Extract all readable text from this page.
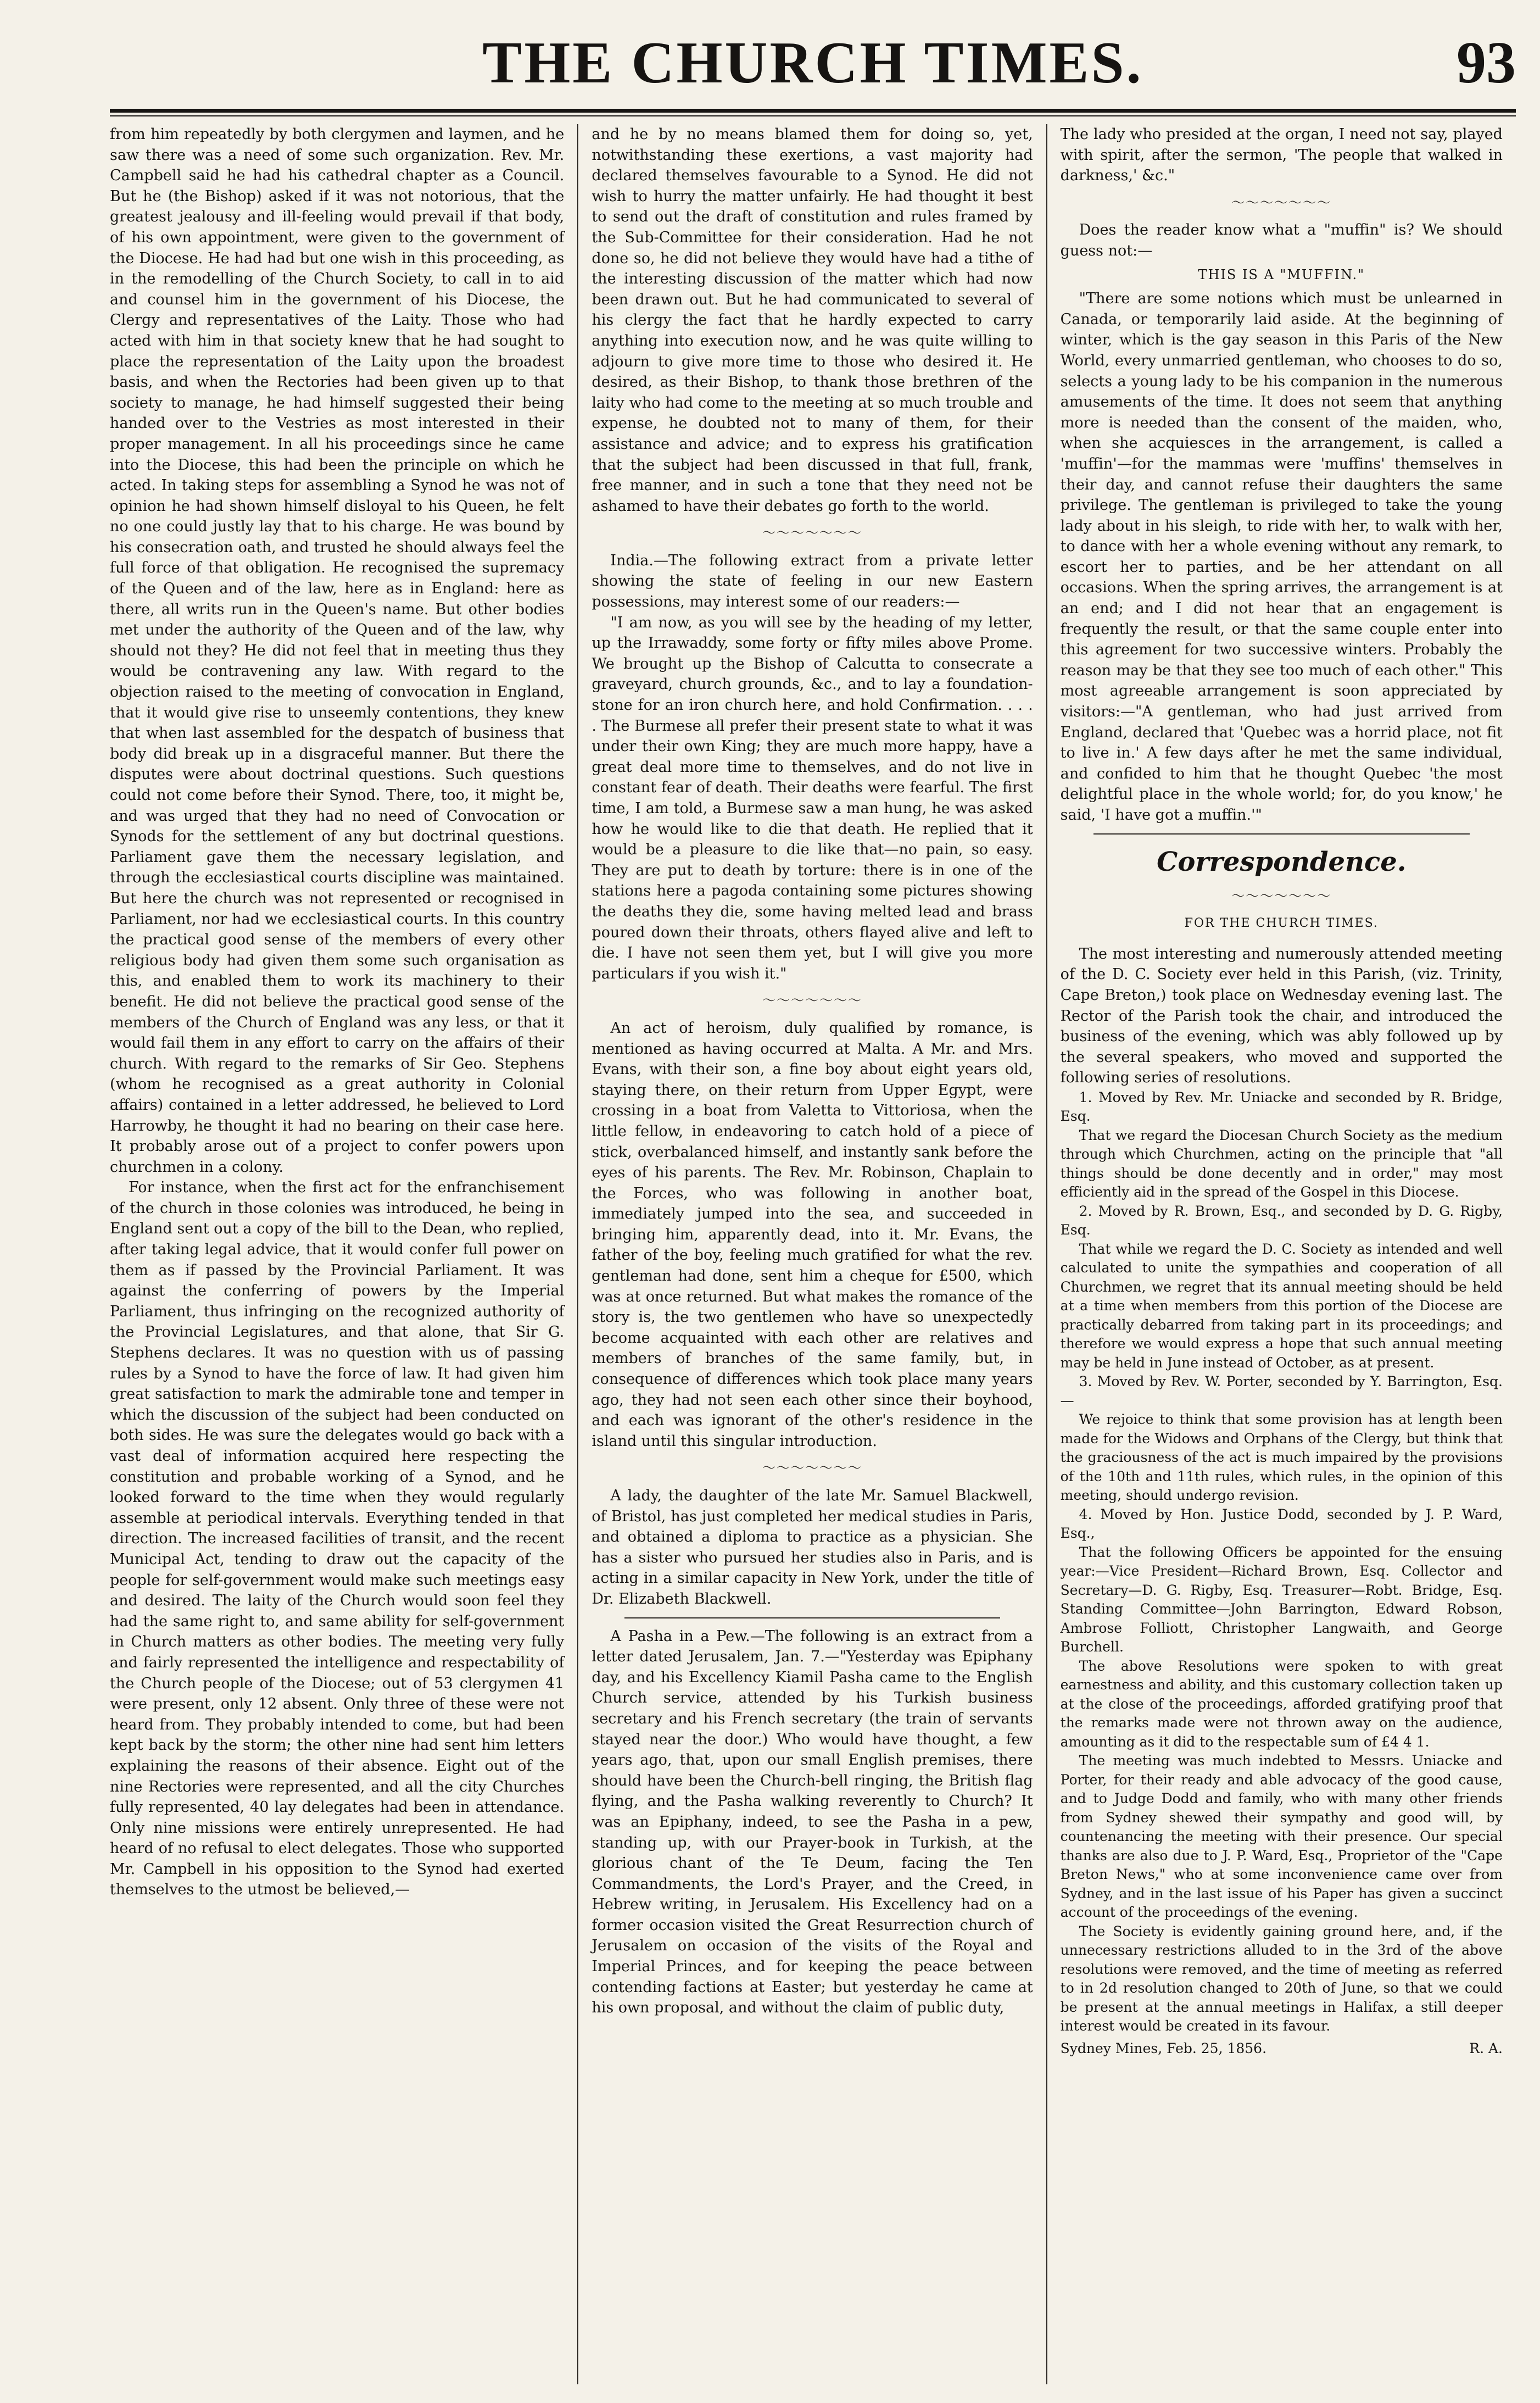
THE CHURCH TIMES.	93

from him repeatedly by both clergymen and laymen, and he saw there was a need of some such organization. Rev. Mr. Campbell said he had his cathedral chapter as a Council. But he (the Bishop) asked if it was not notorious, that the greatest jealousy and ill-feeling would prevail if that body, of his own appointment, were given to the government of the Diocese. He had had but one wish in this proceeding, as in the remodelling of the Church Society, to call in to aid and counsel him in the government of his Diocese, the Clergy and representatives of the Laity. Those who had acted with him in that society knew that he had sought to place the representation of the Laity upon the broadest basis, and when the Rectories had been given up to that society to manage, he had himself suggested their being handed over to the Vestries as most interested in their proper management. In all his proceedings since he came into the Diocese, this had been the principle on which he acted. In taking steps for assembling a Synod he was not of opinion he had shown himself disloyal to his Queen, he felt no one could justly lay that to his charge. He was bound by his consecration oath, and trusted he should always feel the full force of that obligation. He recognised the supremacy of the Queen and of the law, here as in England: here as there, all writs run in the Queen's name. But other bodies met under the authority of the Queen and of the law, why should not they? He did not feel that in meeting thus they would be contravening any law. With regard to the objection raised to the meeting of convocation in England, that it would give rise to unseemly contentions, they knew that when last assembled for the despatch of business that body did break up in a disgraceful manner. But there the disputes were about doctrinal questions. Such questions could not come before their Synod. There, too, it might be, and was urged that they had no need of Convocation or Synods for the settlement of any but doctrinal questions. Parliament gave them the necessary legislation, and through the ecclesiastical courts discipline was maintained. But here the church was not represented or recognised in Parliament, nor had we ecclesiastical courts. In this country the practical good sense of the members of every other religious body had given them some such organisation as this, and enabled them to work its machinery to their benefit. He did not believe the practical good sense of the members of the Church of England was any less, or that it would fail them in any effort to carry on the affairs of their church. With regard to the remarks of Sir Geo. Stephens (whom he recognised as a great authority in Colonial affairs) contained in a letter addressed, he believed to Lord Harrowby, he thought it had no bearing on their case here. It probably arose out of a project to confer powers upon churchmen in a colony.

For instance, when the first act for the enfranchisement of the church in those colonies was introduced, he being in England sent out a copy of the bill to the Dean, who replied, after taking legal advice, that it would confer full power on them as if passed by the Provincial Parliament. It was against the conferring of powers by the Imperial Parliament, thus infringing on the recognized authority of the Provincial Legislatures, and that alone, that Sir G. Stephens declares. It was no question with us of passing rules by a Synod to have the force of law. It had given him great satisfaction to mark the admirable tone and temper in which the discussion of the subject had been conducted on both sides. He was sure the delegates would go back with a vast deal of information acquired here respecting the constitution and probable working of a Synod, and he looked forward to the time when they would regularly assemble at periodical intervals. Everything tended in that direction. The increased facilities of transit, and the recent Municipal Act, tending to draw out the capacity of the people for self-government would make such meetings easy and desired. The laity of the Church would soon feel they had the same right to, and same ability for self-government in Church matters as other bodies. The meeting very fully and fairly represented the intelligence and respectability of the Church people of the Diocese; out of 53 clergymen 41 were present, only 12 absent. Only three of these were not heard from. They probably intended to come, but had been kept back by the storm; the other nine had sent him letters explaining the reasons of their absence. Eight out of the nine Rectories were represented, and all the city Churches fully represented, 40 lay delegates had been in attendance. Only nine missions were entirely unrepresented. He had heard of no refusal to elect delegates. Those who supported Mr. Campbell in his opposition to the Synod had exerted themselves to the utmost be believed,—

and he by no means blamed them for doing so, yet, notwithstanding these exertions, a vast majority had declared themselves favourable to a Synod. He did not wish to hurry the matter unfairly. He had thought it best to send out the draft of constitution and rules framed by the Sub-Committee for their consideration. Had he not done so, he did not believe they would have had a tithe of the interesting discussion of the matter which had now been drawn out. But he had communicated to several of his clergy the fact that he hardly expected to carry anything into execution now, and he was quite willing to adjourn to give more time to those who desired it. He desired, as their Bishop, to thank those brethren of the laity who had come to the meeting at so much trouble and expense, he doubted not to many of them, for their assistance and advice; and to express his gratification that the subject had been discussed in that full, frank, free manner, and in such a tone that they need not be ashamed to have their debates go forth to the world.

〜〜〜〜〜〜〜

India.—The following extract from a private letter showing the state of feeling in our new Eastern possessions, may interest some of our readers:—

"I am now, as you will see by the heading of my letter, up the Irrawaddy, some forty or fifty miles above Prome. We brought up the Bishop of Calcutta to consecrate a graveyard, church grounds, &c., and to lay a foundation-stone for an iron church here, and hold Confirmation. . . . . The Burmese all prefer their present state to what it was under their own King; they are much more happy, have a great deal more time to themselves, and do not live in constant fear of death. Their deaths were fearful. The first time, I am told, a Burmese saw a man hung, he was asked how he would like to die that death. He replied that it would be a pleasure to die like that—no pain, so easy. They are put to death by torture: there is in one of the stations here a pagoda containing some pictures showing the deaths they die, some having melted lead and brass poured down their throats, others flayed alive and left to die. I have not seen them yet, but I will give you more particulars if you wish it."

〜〜〜〜〜〜〜

An act of heroism, duly qualified by romance, is mentioned as having occurred at Malta. A Mr. and Mrs. Evans, with their son, a fine boy about eight years old, staying there, on their return from Upper Egypt, were crossing in a boat from Valetta to Vittoriosa, when the little fellow, in endeavoring to catch hold of a piece of stick, overbalanced himself, and instantly sank before the eyes of his parents. The Rev. Mr. Robinson, Chaplain to the Forces, who was following in another boat, immediately jumped into the sea, and succeeded in bringing him, apparently dead, into it. Mr. Evans, the father of the boy, feeling much gratified for what the rev. gentleman had done, sent him a cheque for £500, which was at once returned. But what makes the romance of the story is, the two gentlemen who have so unexpectedly become acquainted with each other are relatives and members of branches of the same family, but, in consequence of differences which took place many years ago, they had not seen each other since their boyhood, and each was ignorant of the other's residence in the island until this singular introduction.

〜〜〜〜〜〜〜

A lady, the daughter of the late Mr. Samuel Blackwell, of Bristol, has just completed her medical studies in Paris, and obtained a diploma to practice as a physician. She has a sister who pursued her studies also in Paris, and is acting in a similar capacity in New York, under the title of Dr. Elizabeth Blackwell.

A Pasha in a Pew.—The following is an extract from a letter dated Jerusalem, Jan. 7.—"Yesterday was Epiphany day, and his Excellency Kiamil Pasha came to the English Church service, attended by his Turkish business secretary and his French secretary (the train of servants stayed near the door.) Who would have thought, a few years ago, that, upon our small English premises, there should have been the Church-bell ringing, the British flag flying, and the Pasha walking reverently to Church? It was an Epiphany, indeed, to see the Pasha in a pew, standing up, with our Prayer-book in Turkish, at the glorious chant of the Te Deum, facing the Ten Commandments, the Lord's Prayer, and the Creed, in Hebrew writing, in Jerusalem. His Excellency had on a former occasion visited the Great Resurrection church of Jerusalem on occasion of the visits of the Royal and Imperial Princes, and for keeping the peace between contending factions at Easter; but yesterday he came at his own proposal, and without the claim of public duty,

The lady who presided at the organ, I need not say, played with spirit, after the sermon, 'The people that walked in darkness,' &c."

〜〜〜〜〜〜〜

Does the reader know what a "muffin" is? We should guess not:—

THIS IS A "MUFFIN."

"There are some notions which must be unlearned in Canada, or temporarily laid aside. At the beginning of winter, which is the gay season in this Paris of the New World, every unmarried gentleman, who chooses to do so, selects a young lady to be his companion in the numerous amusements of the time. It does not seem that anything more is needed than the consent of the maiden, who, when she acquiesces in the arrangement, is called a 'muffin'—for the mammas were 'muffins' themselves in their day, and cannot refuse their daughters the same privilege. The gentleman is privileged to take the young lady about in his sleigh, to ride with her, to walk with her, to dance with her a whole evening without any remark, to escort her to parties, and be her attendant on all occasions. When the spring arrives, the arrangement is at an end; and I did not hear that an engagement is frequently the result, or that the same couple enter into this agreement for two successive winters. Probably the reason may be that they see too much of each other." This most agreeable arrangement is soon appreciated by visitors:—"A gentleman, who had just arrived from England, declared that 'Quebec was a horrid place, not fit to live in.' A few days after he met the same individual, and confided to him that he thought Quebec 'the most delightful place in the whole world; for, do you know,' he said, 'I have got a muffin.'"

Correspondence.
〜〜〜〜〜〜〜
FOR THE CHURCH TIMES.

The most interesting and numerously attended meeting of the D. C. Society ever held in this Parish, (viz. Trinity, Cape Breton,) took place on Wednesday evening last. The Rector of the Parish took the chair, and introduced the business of the evening, which was ably followed up by the several speakers, who moved and supported the following series of resolutions.

1. Moved by Rev. Mr. Uniacke and seconded by R. Bridge, Esq.

That we regard the Diocesan Church Society as the medium through which Churchmen, acting on the principle that "all things should be done decently and in order," may most efficiently aid in the spread of the Gospel in this Diocese.

2. Moved by R. Brown, Esq., and seconded by D. G. Rigby, Esq.

That while we regard the D. C. Society as intended and well calculated to unite the sympathies and cooperation of all Churchmen, we regret that its annual meeting should be held at a time when members from this portion of the Diocese are practically debarred from taking part in its proceedings; and therefore we would express a hope that such annual meeting may be held in June instead of October, as at present.

3. Moved by Rev. W. Porter, seconded by Y. Barrington, Esq.—

We rejoice to think that some provision has at length been made for the Widows and Orphans of the Clergy, but think that the graciousness of the act is much impaired by the provisions of the 10th and 11th rules, which rules, in the opinion of this meeting, should undergo revision.

4. Moved by Hon. Justice Dodd, seconded by J. P. Ward, Esq.,

That the following Officers be appointed for the ensuing year:—Vice President—Richard Brown, Esq. Collector and Secretary—D. G. Rigby, Esq. Treasurer—Robt. Bridge, Esq. Standing Committee—John Barrington, Edward Robson, Ambrose Folliott, Christopher Langwaith, and George Burchell.

The above Resolutions were spoken to with great earnestness and ability, and this customary collection taken up at the close of the proceedings, afforded gratifying proof that the remarks made were not thrown away on the audience, amounting as it did to the respectable sum of £4 4 1.

The meeting was much indebted to Messrs. Uniacke and Porter, for their ready and able advocacy of the good cause, and to Judge Dodd and family, who with many other friends from Sydney shewed their sympathy and good will, by countenancing the meeting with their presence. Our special thanks are also due to J. P. Ward, Esq., Proprietor of the "Cape Breton News," who at some inconvenience came over from Sydney, and in the last issue of his Paper has given a succinct account of the proceedings of the evening.

The Society is evidently gaining ground here, and, if the unnecessary restrictions alluded to in the 3rd of the above resolutions were removed, and the time of meeting as referred to in 2d resolution changed to 20th of June, so that we could be present at the annual meetings in Halifax, a still deeper interest would be created in its favour.

Sydney Mines, Feb. 25, 1856.	R. A.
